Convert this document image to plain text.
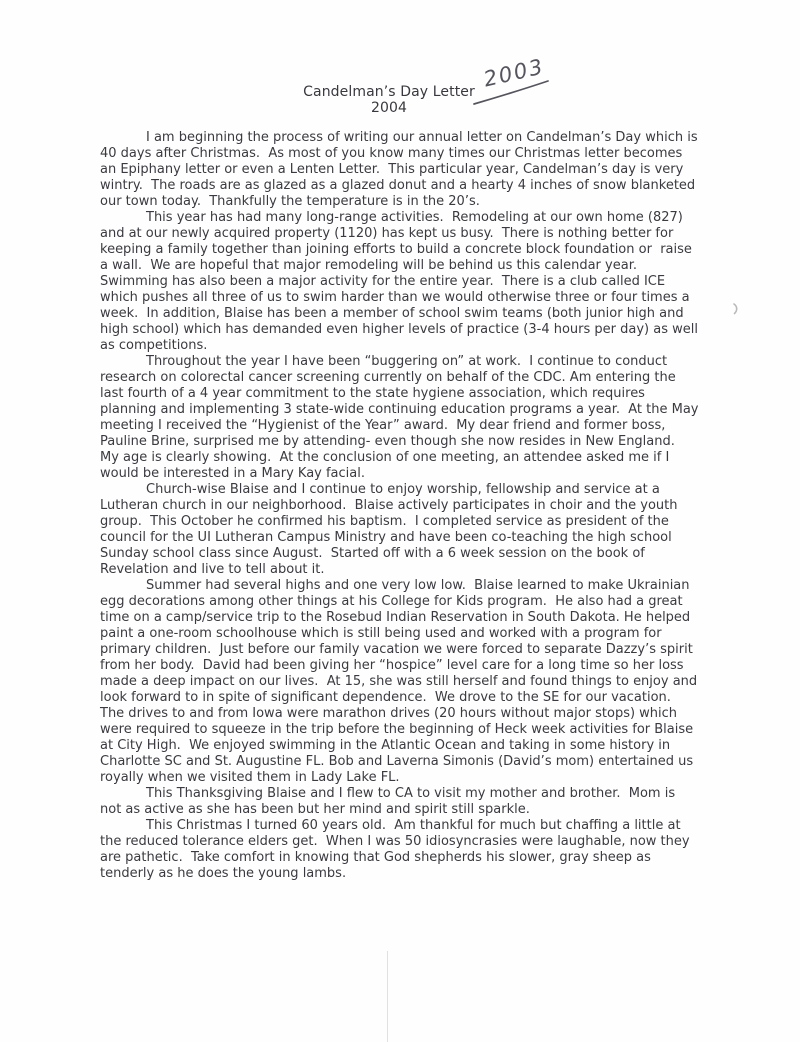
Candelman’s Day Letter
2004
2003

I am beginning the process of writing our annual letter on Candelman’s Day which is 40 days after Christmas.  As most of you know many times our Christmas letter becomes an Epiphany letter or even a Lenten Letter.  This particular year, Candelman’s day is very wintry.  The roads are as glazed as a glazed donut and a hearty 4 inches of snow blanketed our town today.  Thankfully the temperature is in the 20’s.

This year has had many long-range activities.  Remodeling at our own home (827) and at our newly acquired property (1120) has kept us busy.  There is nothing better for keeping a family together than joining efforts to build a concrete block foundation or  raise a wall.  We are hopeful that major remodeling will be behind us this calendar year.  Swimming has also been a major activity for the entire year.  There is a club called ICE which pushes all three of us to swim harder than we would otherwise three or four times a week.  In addition, Blaise has been a member of school swim teams (both junior high and high school) which has demanded even higher levels of practice (3-4 hours per day) as well as competitions.

Throughout the year I have been “buggering on” at work.  I continue to conduct research on colorectal cancer screening currently on behalf of the CDC. Am entering the last fourth of a 4 year commitment to the state hygiene association, which requires planning and implementing 3 state-wide continuing education programs a year.  At the May meeting I received the “Hygienist of the Year” award.  My dear friend and former boss, Pauline Brine, surprised me by attending- even though she now resides in New England.  My age is clearly showing.  At the conclusion of one meeting, an attendee asked me if I would be interested in a Mary Kay facial.

Church-wise Blaise and I continue to enjoy worship, fellowship and service at a Lutheran church in our neighborhood.  Blaise actively participates in choir and the youth group.  This October he confirmed his baptism.  I completed service as president of the council for the UI Lutheran Campus Ministry and have been co-teaching the high school Sunday school class since August.  Started off with a 6 week session on the book of Revelation and live to tell about it.

Summer had several highs and one very low low.  Blaise learned to make Ukrainian egg decorations among other things at his College for Kids program.  He also had a great time on a camp/service trip to the Rosebud Indian Reservation in South Dakota. He helped paint a one-room schoolhouse which is still being used and worked with a program for primary children.  Just before our family vacation we were forced to separate Dazzy’s spirit from her body.  David had been giving her “hospice” level care for a long time so her loss made a deep impact on our lives.  At 15, she was still herself and found things to enjoy and look forward to in spite of significant dependence.  We drove to the SE for our vacation.  The drives to and from Iowa were marathon drives (20 hours without major stops) which were required to squeeze in the trip before the beginning of Heck week activities for Blaise at City High.  We enjoyed swimming in the Atlantic Ocean and taking in some history in Charlotte SC and St. Augustine FL. Bob and Laverna Simonis (David’s mom) entertained us royally when we visited them in Lady Lake FL.

This Thanksgiving Blaise and I flew to CA to visit my mother and brother.  Mom is not as active as she has been but her mind and spirit still sparkle.

This Christmas I turned 60 years old.  Am thankful for much but chaffing a little at the reduced tolerance elders get.  When I was 50 idiosyncrasies were laughable, now they are pathetic.  Take comfort in knowing that God shepherds his slower, gray sheep as tenderly as he does the young lambs.
